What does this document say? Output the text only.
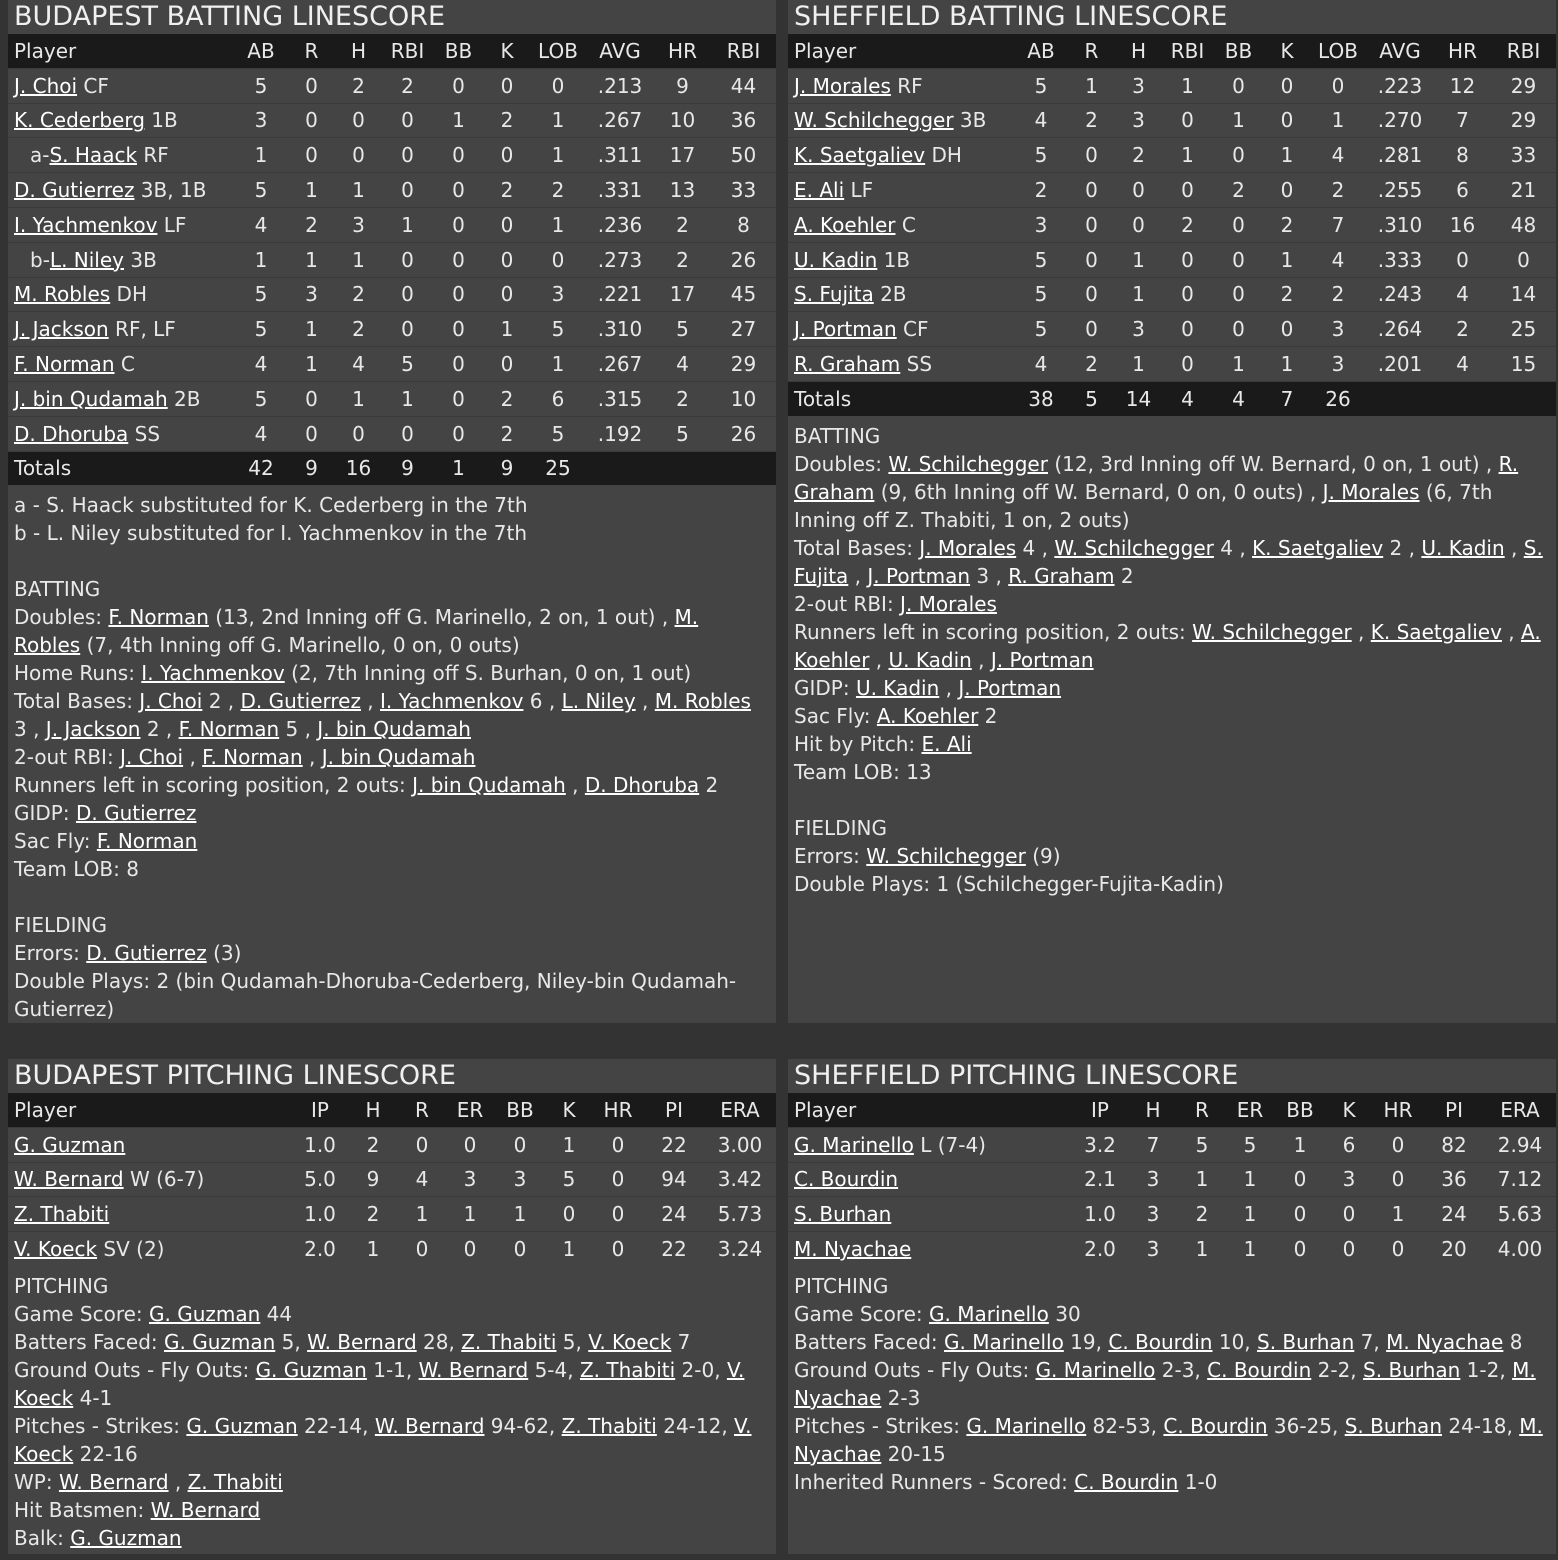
BUDAPEST BATTING LINESCORE
Player	AB	R	H	RBI	BB	K	LOB	AVG	HR	RBI
J. Choi CF	5	0	2	2	0	0	0	.213	9	44
K. Cederberg 1B	3	0	0	0	1	2	1	.267	10	36
a-S. Haack RF	1	0	0	0	0	0	1	.311	17	50
D. Gutierrez 3B, 1B	5	1	1	0	0	2	2	.331	13	33
I. Yachmenkov LF	4	2	3	1	0	0	1	.236	2	8
b-L. Niley 3B	1	1	1	0	0	0	0	.273	2	26
M. Robles DH	5	3	2	0	0	0	3	.221	17	45
J. Jackson RF, LF	5	1	2	0	0	1	5	.310	5	27
F. Norman C	4	1	4	5	0	0	1	.267	4	29
J. bin Qudamah 2B	5	0	1	1	0	2	6	.315	2	10
D. Dhoruba SS	4	0	0	0	0	2	5	.192	5	26
Totals	42	9	16	9	1	9	25			
a - S. Haack substituted for K. Cederberg in the 7th
b - L. Niley substituted for I. Yachmenkov in the 7th
BATTING
Doubles: F. Norman (13, 2nd Inning off G. Marinello, 2 on, 1 out) , M. Robles (7, 4th Inning off G. Marinello, 0 on, 0 outs)
Home Runs: I. Yachmenkov (2, 7th Inning off S. Burhan, 0 on, 1 out)
Total Bases: J. Choi 2 , D. Gutierrez , I. Yachmenkov 6 , L. Niley , M. Robles 3 , J. Jackson 2 , F. Norman 5 , J. bin Qudamah
2-out RBI: J. Choi , F. Norman , J. bin Qudamah
Runners left in scoring position, 2 outs: J. bin Qudamah , D. Dhoruba 2
GIDP: D. Gutierrez
Sac Fly: F. Norman
Team LOB: 8
FIELDING
Errors: D. Gutierrez (3)
Double Plays: 2 (bin Qudamah-Dhoruba-Cederberg, Niley-bin Qudamah-Gutierrez)
SHEFFIELD BATTING LINESCORE
Player	AB	R	H	RBI	BB	K	LOB	AVG	HR	RBI
J. Morales RF	5	1	3	1	0	0	0	.223	12	29
W. Schilchegger 3B	4	2	3	0	1	0	1	.270	7	29
K. Saetgaliev DH	5	0	2	1	0	1	4	.281	8	33
E. Ali LF	2	0	0	0	2	0	2	.255	6	21
A. Koehler C	3	0	0	2	0	2	7	.310	16	48
U. Kadin 1B	5	0	1	0	0	1	4	.333	0	0
S. Fujita 2B	5	0	1	0	0	2	2	.243	4	14
J. Portman CF	5	0	3	0	0	0	3	.264	2	25
R. Graham SS	4	2	1	0	1	1	3	.201	4	15
Totals	38	5	14	4	4	7	26			
BATTING
Doubles: W. Schilchegger (12, 3rd Inning off W. Bernard, 0 on, 1 out) , R. Graham (9, 6th Inning off W. Bernard, 0 on, 0 outs) , J. Morales (6, 7th Inning off Z. Thabiti, 1 on, 2 outs)
Total Bases: J. Morales 4 , W. Schilchegger 4 , K. Saetgaliev 2 , U. Kadin , S. Fujita , J. Portman 3 , R. Graham 2
2-out RBI: J. Morales
Runners left in scoring position, 2 outs: W. Schilchegger , K. Saetgaliev , A. Koehler , U. Kadin , J. Portman
GIDP: U. Kadin , J. Portman
Sac Fly: A. Koehler 2
Hit by Pitch: E. Ali
Team LOB: 13
FIELDING
Errors: W. Schilchegger (9)
Double Plays: 1 (Schilchegger-Fujita-Kadin)
BUDAPEST PITCHING LINESCORE
Player	IP	H	R	ER	BB	K	HR	PI	ERA
G. Guzman	1.0	2	0	0	0	1	0	22	3.00
W. Bernard W (6-7)	5.0	9	4	3	3	5	0	94	3.42
Z. Thabiti	1.0	2	1	1	1	0	0	24	5.73
V. Koeck SV (2)	2.0	1	0	0	0	1	0	22	3.24
PITCHING
Game Score: G. Guzman 44
Batters Faced: G. Guzman 5, W. Bernard 28, Z. Thabiti 5, V. Koeck 7
Ground Outs - Fly Outs: G. Guzman 1-1, W. Bernard 5-4, Z. Thabiti 2-0, V. Koeck 4-1
Pitches - Strikes: G. Guzman 22-14, W. Bernard 94-62, Z. Thabiti 24-12, V. Koeck 22-16
WP: W. Bernard , Z. Thabiti
Hit Batsmen: W. Bernard
Balk: G. Guzman
SHEFFIELD PITCHING LINESCORE
Player	IP	H	R	ER	BB	K	HR	PI	ERA
G. Marinello L (7-4)	3.2	7	5	5	1	6	0	82	2.94
C. Bourdin	2.1	3	1	1	0	3	0	36	7.12
S. Burhan	1.0	3	2	1	0	0	1	24	5.63
M. Nyachae	2.0	3	1	1	0	0	0	20	4.00
PITCHING
Game Score: G. Marinello 30
Batters Faced: G. Marinello 19, C. Bourdin 10, S. Burhan 7, M. Nyachae 8
Ground Outs - Fly Outs: G. Marinello 2-3, C. Bourdin 2-2, S. Burhan 1-2, M. Nyachae 2-3
Pitches - Strikes: G. Marinello 82-53, C. Bourdin 36-25, S. Burhan 24-18, M. Nyachae 20-15
Inherited Runners - Scored: C. Bourdin 1-0
